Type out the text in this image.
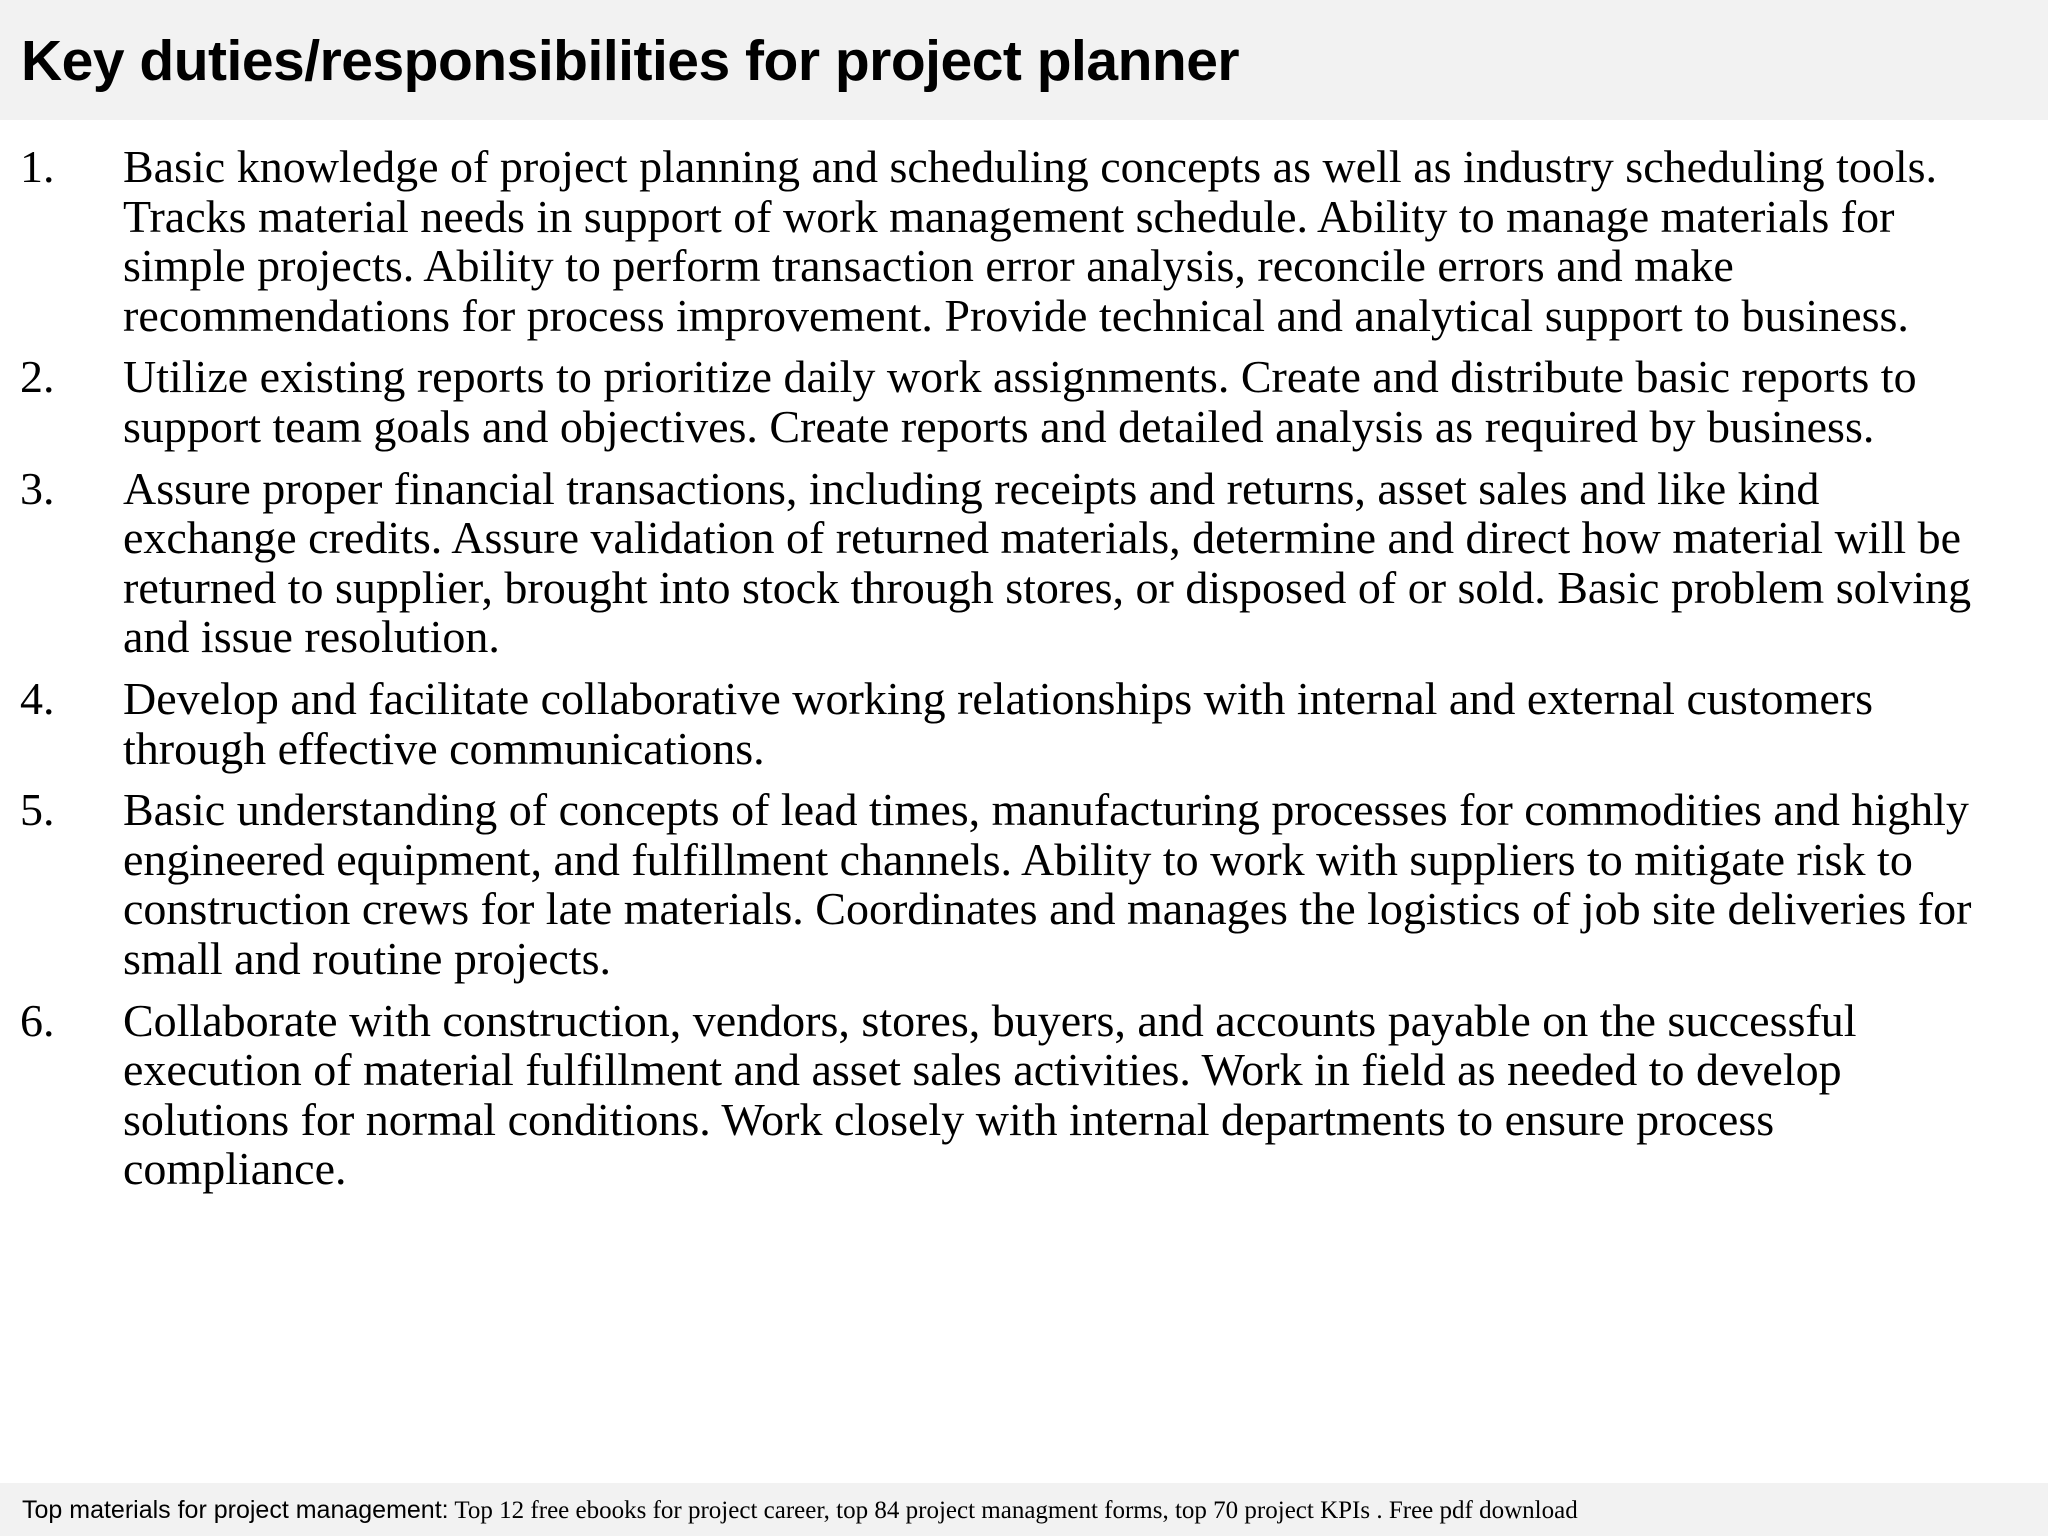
Key duties/responsibilities for project planner
1. Basic knowledge of project planning and scheduling concepts as well as industry scheduling tools. Tracks material needs in support of work management schedule. Ability to manage materials for simple projects. Ability to perform transaction error analysis, reconcile errors and make recommendations for process improvement. Provide technical and analytical support to business.
2. Utilize existing reports to prioritize daily work assignments. Create and distribute basic reports to support team goals and objectives. Create reports and detailed analysis as required by business.
3. Assure proper financial transactions, including receipts and returns, asset sales and like kind exchange credits. Assure validation of returned materials, determine and direct how material will be returned to supplier, brought into stock through stores, or disposed of or sold. Basic problem solving and issue resolution.
4. Develop and facilitate collaborative working relationships with internal and external customers through effective communications.
5. Basic understanding of concepts of lead times, manufacturing processes for commodities and highly engineered equipment, and fulfillment channels. Ability to work with suppliers to mitigate risk to construction crews for late materials. Coordinates and manages the logistics of job site deliveries for small and routine projects.
6. Collaborate with construction, vendors, stores, buyers, and accounts payable on the successful execution of material fulfillment and asset sales activities. Work in field as needed to develop solutions for normal conditions. Work closely with internal departments to ensure process compliance.
Top materials for project management: Top 12 free ebooks for project career, top 84 project managment forms, top 70 project KPIs . Free pdf download
